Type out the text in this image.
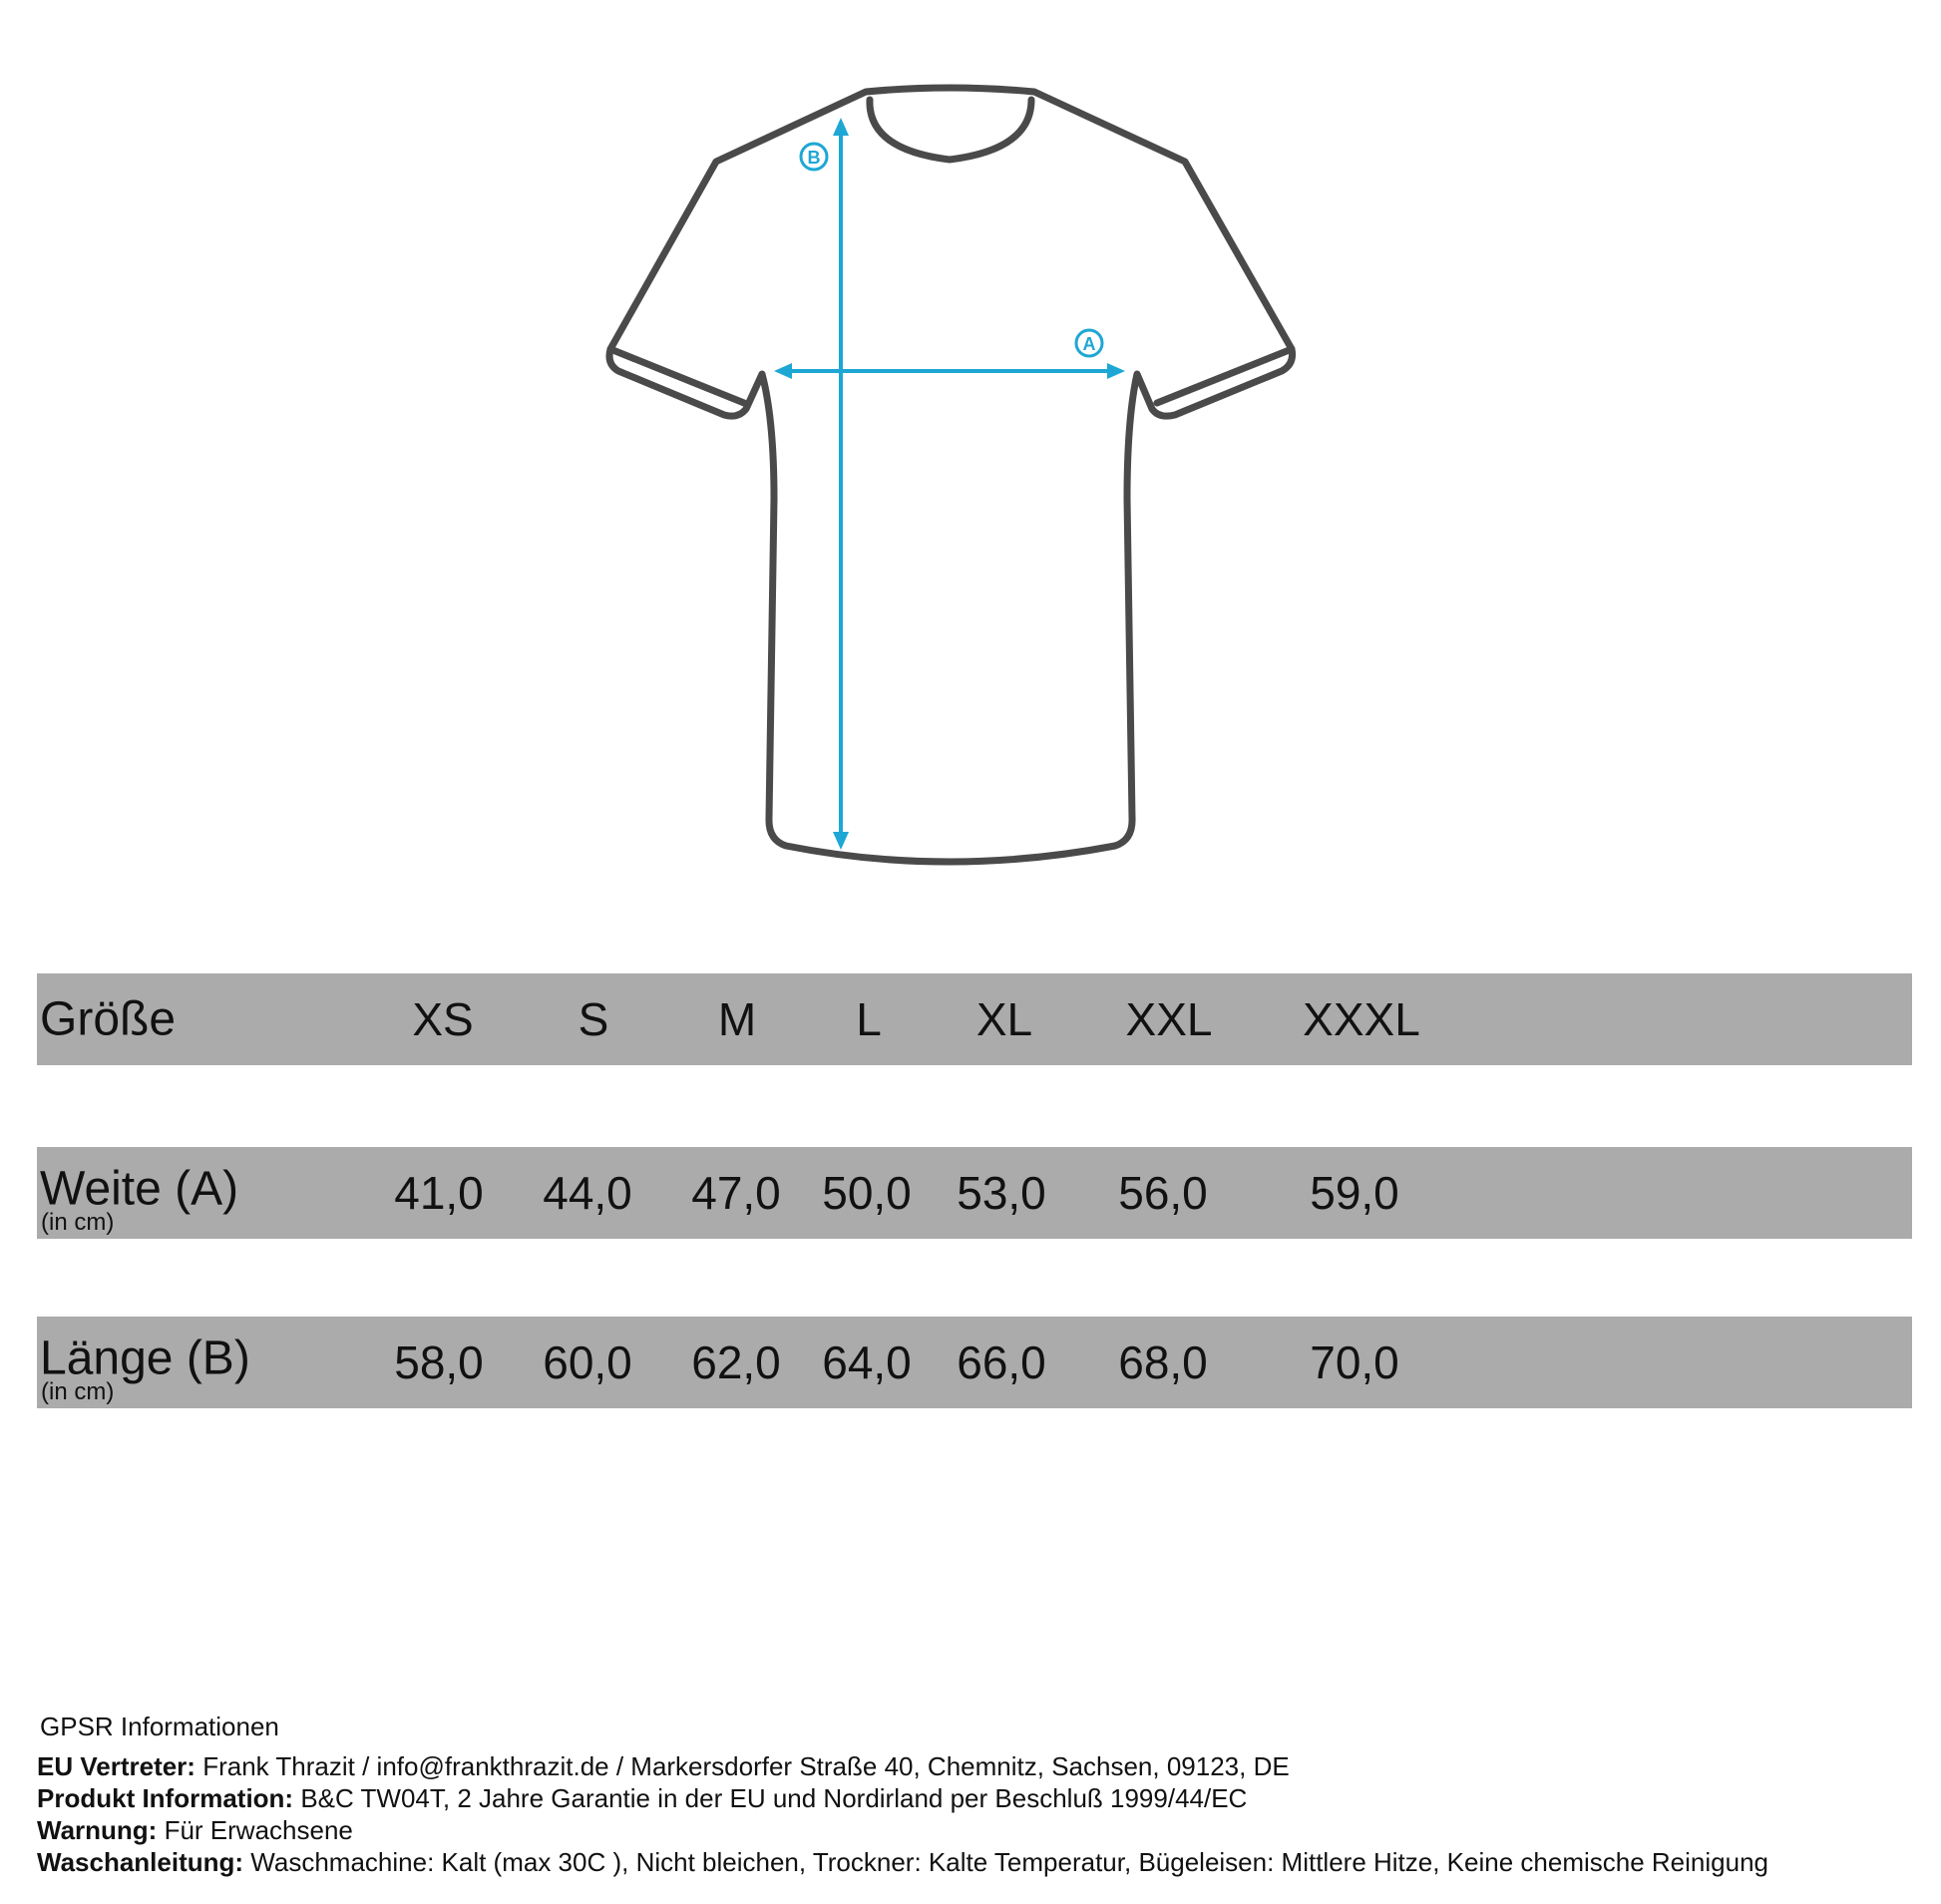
B
A
Größe	XS S M L XL XXL XXXL
Weite (A)
(in cm)
41,0 44,0 47,0 50,0 53,0 56,0 59,0
Länge (B)
(in cm)
58,0 60,0 62,0 64,0 66,0 68,0 70,0
GPSR Informationen
EU Vertreter: Frank Thrazit / info@frankthrazit.de / Markersdorfer Straße 40, Chemnitz, Sachsen, 09123, DE
Produkt Information: B&C TW04T, 2 Jahre Garantie in der EU und Nordirland per Beschluß 1999/44/EC
Warnung: Für Erwachsene
Waschanleitung: Waschmachine: Kalt (max 30C ), Nicht bleichen, Trockner: Kalte Temperatur, Bügeleisen: Mittlere Hitze, Keine chemische Reinigung
